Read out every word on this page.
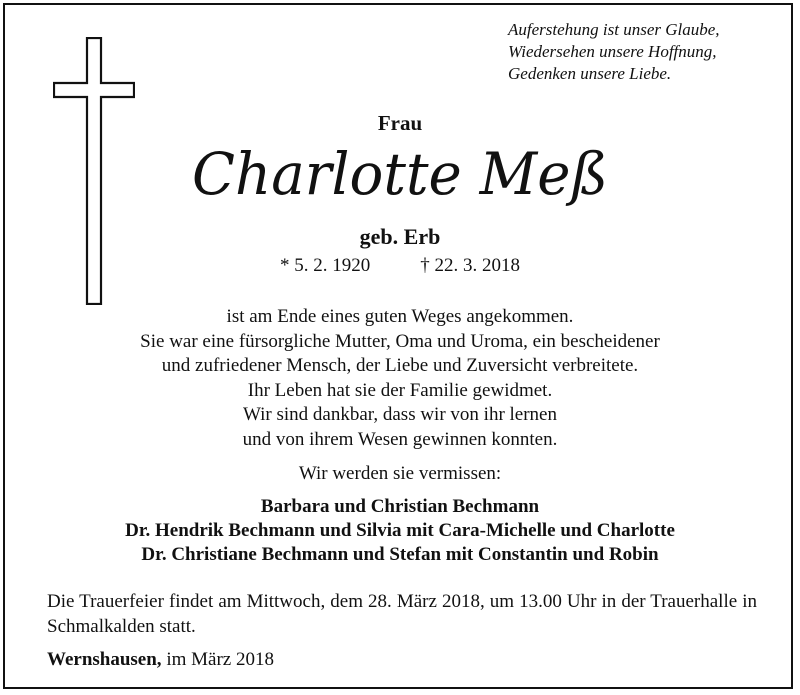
Auferstehung ist unser Glaube,
Wiedersehen unsere Hoffnung,
Gedenken unsere Liebe.
Frau
Charlotte Meß
geb. Erb
* 5. 2. 1920	† 22. 3. 2018
ist am Ende eines guten Weges angekommen.
Sie war eine fürsorgliche Mutter, Oma und Uroma, ein bescheidener
und zufriedener Mensch, der Liebe und Zuversicht verbreitete.
Ihr Leben hat sie der Familie gewidmet.
Wir sind dankbar, dass wir von ihr lernen
und von ihrem Wesen gewinnen konnten.
Wir werden sie vermissen:
Barbara und Christian Bechmann
Dr. Hendrik Bechmann und Silvia mit Cara-Michelle und Charlotte
Dr. Christiane Bechmann und Stefan mit Constantin und Robin
Die Trauerfeier findet am Mittwoch, dem 28. März 2018, um 13.00 Uhr in der Trauerhalle in Schmalkalden statt.
Wernshausen, im März 2018
